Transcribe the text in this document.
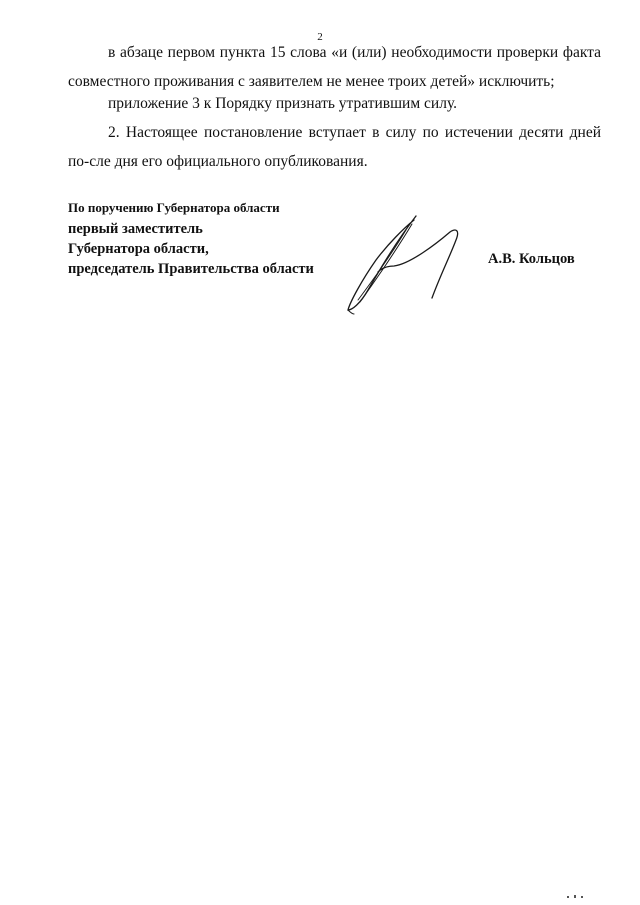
2

в абзаце первом пункта 15 слова «и (или) необходимости проверки факта совместного проживания с заявителем не менее троих детей» исключить;

приложение 3 к Порядку признать утратившим силу.

2. Настоящее постановление вступает в силу по истечении десяти дней по-сле дня его официального опубликования.

По поручению Губернатора области
первый заместитель
Губернатора области,
председатель Правительства области
А.В. Кольцов
